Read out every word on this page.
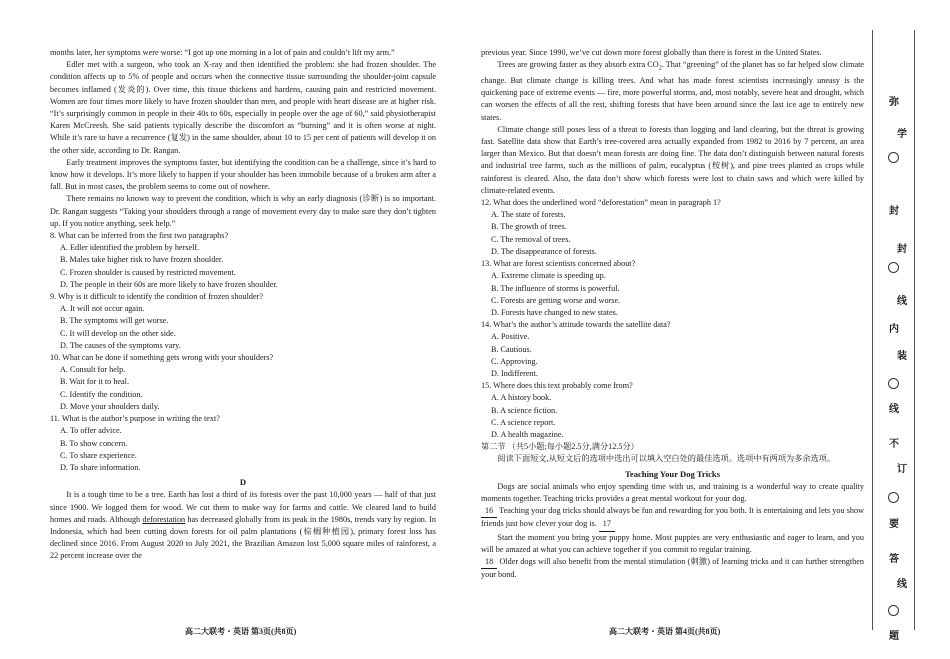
months later, her symptoms were worse: “I got up one morning in a lot of pain and couldn’t lift my arm.”

Edler met with a surgeon, who took an X-ray and then identified the problem: she had frozen shoulder. The condition affects up to 5% of people and occurs when the connective tissue surrounding the shoulder-joint capsule becomes inflamed (发炎的). Over time, this tissue thickens and hardens, causing pain and restricted movement. Women are four times more likely to have frozen shoulder than men, and people with heart disease are at higher risk. “It’s surprisingly common in people in their 40s to 60s, especially in people over the age of 60,” said physiotherapist Karen McCreesh. She said patients typically describe the discomfort as “burning” and it is often worse at night. While it’s rare to have a recurrence (复发) in the same shoulder, about 10 to 15 per cent of patients will develop it on the other side, according to Dr. Rangan.

Early treatment improves the symptoms faster, but identifying the condition can be a challenge, since it’s hard to know how it develops. It’s more likely to happen if your shoulder has been immobile because of a broken arm after a fall. But in most cases, the problem seems to come out of nowhere.

There remains no known way to prevent the condition, which is why an early diagnosis (诊断) is so important. Dr. Rangan suggests “Taking your shoulders through a range of movement every day to make sure they don’t tighten up. If you notice anything, seek help.”

8. What can be inferred from the first two paragraphs?

A. Edler identified the problem by herself.

B. Males take higher risk to have frozen shoulder.

C. Frozen shoulder is caused by restricted movement.

D. The people in their 60s are more likely to have frozen shoulder.

9. Why is it difficult to identify the condition of frozen shoulder?

A. It will not occur again.

B. The symptoms will get worse.

C. It will develop on the other side.

D. The causes of the symptoms vary.

10. What can be done if something gets wrong with your shoulders?

A. Consult for help.

B. Wait for it to heal.

C. Identify the condition.

D. Move your shoulders daily.

11. What is the author’s purpose in writing the text?

A. To offer advice.

B. To show concern.

C. To share experience.

D. To share information.

D

It is a tough time to be a tree. Earth has lost a third of its forests over the past 10,000 years — half of that just since 1900. We logged them for wood. We cut them to make way for farms and cattle. We cleared land to build homes and roads. Although deforestation has decreased globally from its peak in the 1980s, trends vary by region. In Indonesia, which had been cutting down forests for oil palm plantations (棕榈种植园), primary forest loss has declined since 2016. From August 2020 to July 2021, the Brazilian Amazon lost 5,000 square miles of rainforest, a 22 percent increase over the

previous year. Since 1990, we’ve cut down more forest globally than there is forest in the United States.

Trees are growing faster as they absorb extra $CO_2$. That “greening” of the planet has so far helped slow climate change. But climate change is killing trees. And what has made forest scientists increasingly uneasy is the quickening pace of extreme events — fire, more powerful storms, and, most notably, severe heat and drought, which can worsen the effects of all the rest, shifting forests that have been around since the last ice age to entirely new states.

Climate change still poses less of a threat to forests than logging and land clearing, but the threat is growing fast. Satellite data show that Earth’s tree-covered area actually expanded from 1982 to 2016 by 7 percent, an area larger than Mexico. But that doesn’t mean forests are doing fine. The data don’t distinguish between natural forests and industrial tree farms, such as the millions of palm, eucalyptus (桉树), and pine trees planted as crops while rainforest is cleared. Also, the data don’t show which forests were lost to chain saws and which were killed by climate-related events.

12. What does the underlined word “deforestation” mean in paragraph 1?

A. The state of forests.

B. The growth of trees.

C. The removal of trees.

D. The disappearance of forests.

13. What are forest scientists concerned about?

A. Extreme climate is speeding up.

B. The influence of storms is powerful.

C. Forests are getting worse and worse.

D. Forests have changed to new states.

14. What’s the author’s attitude towards the satellite data?

A. Positive.

B. Cautious.

C. Approving.

D. Indifferent.

15. Where does this text probably come from?

A. A history book.

B. A science fiction.

C. A science report.

D. A health magazine.

第二节 （共5小题;每小题2.5分,满分12.5分）

阅读下面短文,从短文后的选项中选出可以填入空白处的最佳选项。选项中有两项为多余选项。

Teaching Your Dog Tricks

Dogs are social animals who enjoy spending time with us, and training is a wonderful way to create quality moments together. Teaching tricks provides a great mental workout for your dog.

16 Teaching your dog tricks should always be fun and rewarding for you both. It is entertaining and lets you show friends just how clever your dog is. 17

Start the moment you bring your puppy home. Most puppies are very enthusiastic and eager to learn, and you will be amazed at what you can achieve together if you commit to regular training.

18 Older dogs will also benefit from the mental stimulation (刺激) of learning tricks and it can further strengthen your bond.

高二大联考・英语 第3页(共8页)	高二大联考・英语 第4页(共8页)
弥
封
内
不
答
题
学
封
线
装
订
线
线
要
